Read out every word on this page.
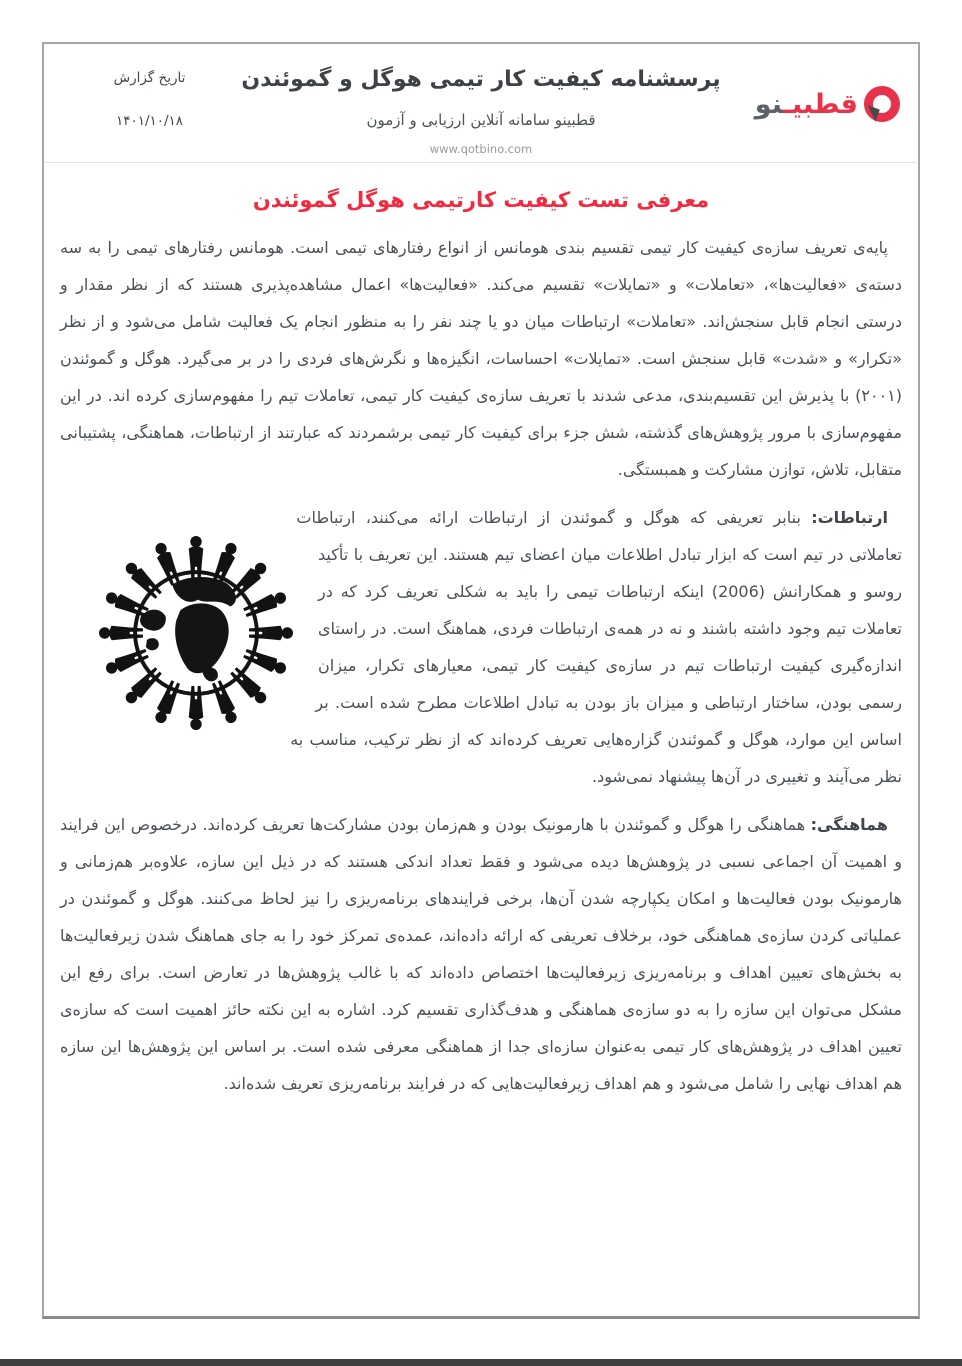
قطبیـنو
پرسشنامه کیفیت کار تیمی هوگل و گموئندن
قطبینو سامانه آنلاین ارزیابی و آزمون
www.qotbino.com
تاریخ گزارش
۱۴۰۱/۱۰/۱۸
معرفی تست کیفیت کارتیمی هوگل گموئندن

پایه‌ی تعریف سازه‌ی کیفیت کار تیمی تقسیم بندی هومانس از انواع رفتارهای تیمی است. هومانس رفتارهای تیمی را به سه دسته‌ی «فعالیت‌ها»، «تعاملات» و «تمایلات» تقسیم می‌کند. «فعالیت‌ها» اعمال مشاهده‌پذیری هستند که از نظر مقدار و درستی انجام قابل سنجش‌اند. «تعاملات» ارتباطات میان دو یا چند نفر را به منظور انجام یک فعالیت شامل می‌شود و از نظر «تکرار» و «شدت» قابل سنجش است. «تمایلات» احساسات، انگیزه‌ها و نگرش‌های فردی را در بر می‌گیرد. هوگل و گموئندن (۲۰۰۱) با پذیرش این تقسیم‌بندی، مدعی شدند با تعریف سازه‌ی کیفیت کار تیمی، تعاملات تیم را مفهوم‌سازی کرده اند. در این مفهوم‌سازی با مرور پژوهش‌های گذشته، شش جزء برای کیفیت کار تیمی برشمردند که عبارتند از ارتباطات، هماهنگی، پشتیبانی متقابل، تلاش، توازن مشارکت و همبستگی.

ارتباطات: بنابر تعریفی که هوگل و گموئندن از ارتباطات ارائه می‌کنند، ارتباطات تعاملاتی در تیم است که ابزار تبادل اطلاعات میان اعضای تیم هستند. این تعریف با تأکید روسو و همکارانش (2006) اینکه ارتباطات تیمی را باید به شکلی تعریف کرد که در تعاملات تیم وجود داشته باشند و نه در همه‌ی ارتباطات فردی، هماهنگ است. در راستای اندازه‌گیری کیفیت ارتباطات تیم در سازه‌ی کیفیت کار تیمی، معیارهای تکرار، میزان رسمی بودن، ساختار ارتباطی و میزان باز بودن به تبادل اطلاعات مطرح شده است. بر اساس این موارد، هوگل و گموئندن گزاره‌هایی تعریف کرده‌اند که از نظر ترکیب، مناسب به نظر می‌آیند و تغییری در آن‌ها پیشنهاد نمی‌شود.

هماهنگی: هماهنگی را هوگل و گموئندن با هارمونیک بودن و هم‌زمان بودن مشارکت‌ها تعریف کرده‌اند. درخصوص این فرایند و اهمیت آن اجماعی نسبی در پژوهش‌ها دیده می‌شود و فقط تعداد اندکی هستند که در ذیل این سازه، علاوه‌بر هم‌زمانی و هارمونیک بودن فعالیت‌ها و امکان یکپارچه شدن آن‌ها، برخی فرایندهای برنامه‌ریزی را نیز لحاظ می‌کنند. هوگل و گموئندن در عملیاتی کردن سازه‌ی هماهنگی خود، برخلاف تعریفی که ارائه داده‌اند، عمده‌ی تمرکز خود را به جای هماهنگ شدن زیرفعالیت‌ها به بخش‌های تعیین اهداف و برنامه‌ریزی زیرفعالیت‌ها اختصاص داده‌اند که با غالب پژوهش‌ها در تعارض است. برای رفع این مشکل می‌توان این سازه را به دو سازه‌ی هماهنگی و هدف‌گذاری تقسیم کرد. اشاره به این نکته حائز اهمیت است که سازه‌ی تعیین اهداف در پژوهش‌های کار تیمی به‌عنوان سازه‌ای جدا از هماهنگی معرفی شده است. بر اساس این پژوهش‌ها این سازه هم اهداف نهایی را شامل می‌شود و هم اهداف زیرفعالیت‌هایی که در فرایند برنامه‌ریزی تعریف شده‌اند.
